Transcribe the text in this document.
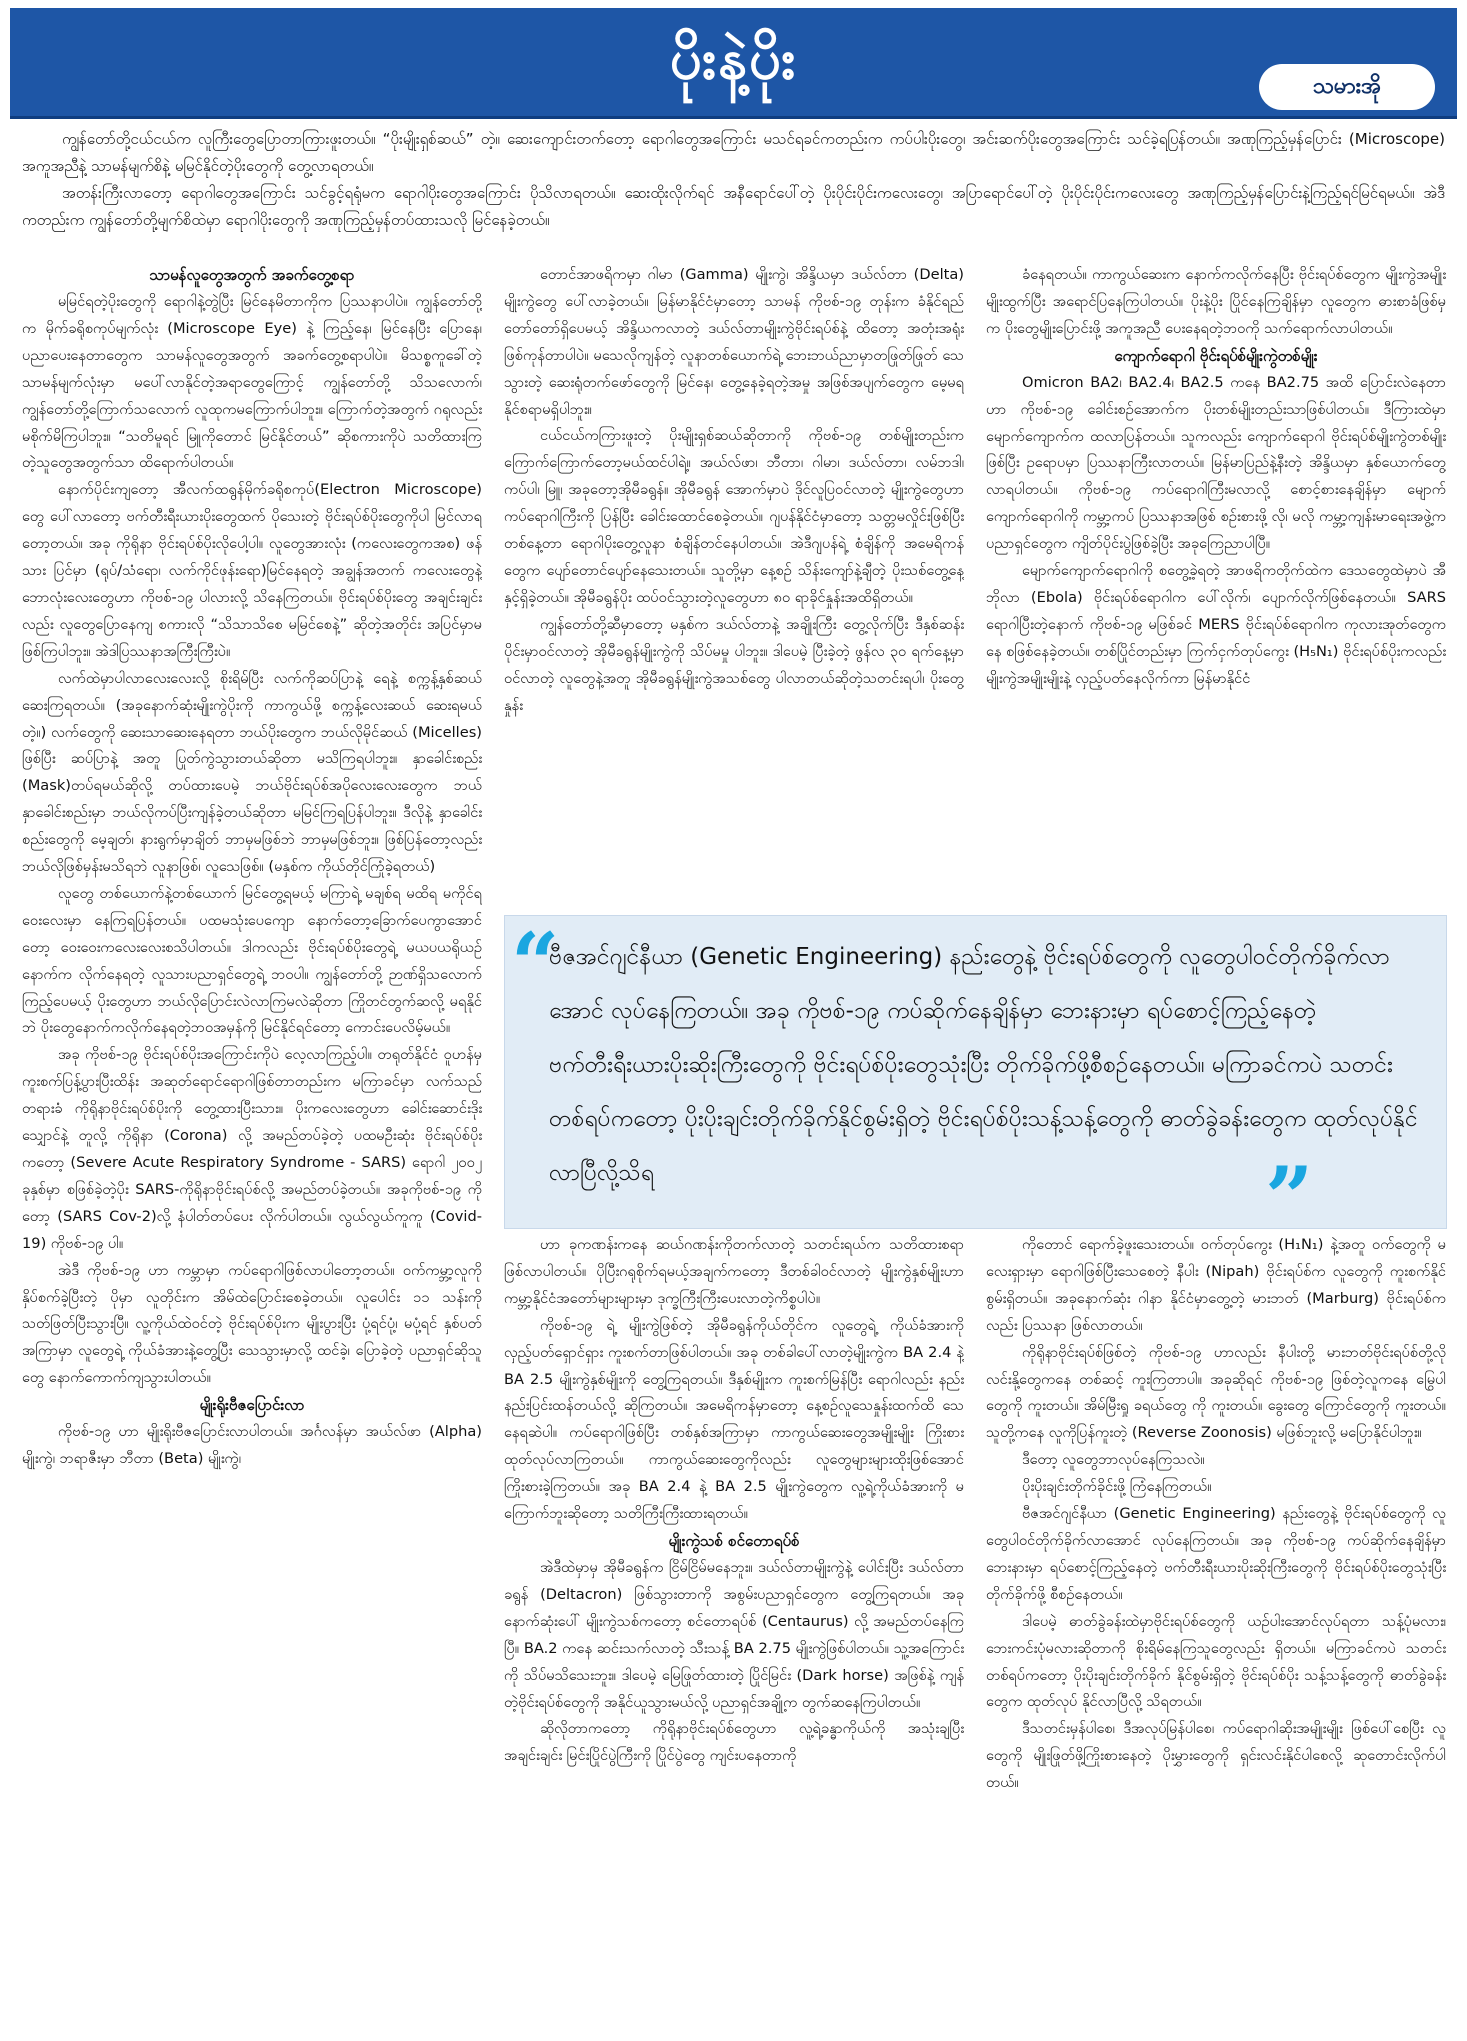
ပိုးနဲ့ပိုး	သမားအို

ကျွန်တော်တို့ငယ်ငယ်က လူကြီးတွေပြောတာကြားဖူးတယ်။ “ပိုးမျိုးရှစ်ဆယ်” တဲ့။ ဆေးကျောင်းတက်တော့ ရောဂါတွေအကြောင်း မသင်ရခင်ကတည်းက ကပ်ပါးပိုးတွေ၊ အင်းဆက်ပိုးတွေအကြောင်း သင်ခဲ့ရပြန်တယ်။ အဏုကြည့်မှန်ပြောင်း (Microscope) အကူအညီနဲ့ သာမန်မျက်စိနဲ့ မမြင်နိုင်တဲ့ပိုးတွေကို တွေ့လာရတယ်။

အတန်းကြီးလာတော့ ရောဂါတွေအကြောင်း သင်ခွင့်ရရုံမက ရောဂါပိုးတွေအကြောင်း ပိုသိလာရတယ်။ ဆေးထိုးလိုက်ရင် အနီရောင်ပေါ်တဲ့ ပိုးပိုင်းပိုင်းကလေးတွေ၊ အပြာရောင်ပေါ်တဲ့ ပိုးပိုင်းပိုင်းကလေးတွေ အဏုကြည့်မှန်ပြောင်းနဲ့ကြည့်ရင်မြင်ရမယ်။ အဲဒီကတည်းက ကျွန်တော်တို့မျက်စိထဲမှာ ရောဂါပိုးတွေကို အဏုကြည့်မှန်တပ်ထားသလို မြင်နေခဲ့တယ်။

သာမန်လူတွေအတွက် အခက်တွေ့စရာ

မမြင်ရတဲ့ပိုးတွေကို ရောဂါနဲ့တွဲပြီး မြင်နေမိတာကိုက ပြဿနာပါပဲ။ ကျွန်တော်တို့က မိုက်ခရိုစကုပ်မျက်လုံး (Microscope Eye) နဲ့ ကြည့်နေ၊ မြင်နေပြီး ပြောနေ၊ ပညာပေးနေတာတွေက သာမန်လူတွေအတွက် အခက်တွေ့စရာပါပဲ။ မိသစ္စကူခေါ်တဲ့ သာမန်မျက်လုံးမှာ မပေါ်လာနိုင်တဲ့အရာတွေကြောင့် ကျွန်တော်တို့ သိသလောက်၊ ကျွန်တော်တို့ကြောက်သလောက် လူထုကမကြောက်ပါဘူး။ ကြောက်တဲ့အတွက် ဂရုလည်းမစိုက်မိကြပါဘူး။ “သတိမူရင် မြူကိုတောင် မြင်နိုင်တယ်” ဆိုစကားကိုပဲ သတိထားကြတဲ့သူတွေအတွက်သာ ထိရောက်ပါတယ်။

နောက်ပိုင်းကျတော့ အီလက်ထရွန်မိုက်ခရိုစကုပ်(Electron Microscope) တွေ ပေါ်လာတော့ ဗက်တီးရီးယားပိုးတွေထက် ပိုသေးတဲ့ ဗိုင်းရပ်စ်ပိုးတွေကိုပါ မြင်လာရတော့တယ်။ အခု ကိုရိုနာ ဗိုင်းရပ်စ်ပိုးလိုပေါ့ပါ။ လူတွေအားလုံး (ကလေးတွေကအစ) ဖန်သား ပြင်မှာ (ရုပ်/သံရော၊ လက်ကိုင်ဖုန်းရော)မြင်နေရတဲ့ အချွန်အတက် ကလေးတွေနဲ့ ဘောလုံးလေးတွေဟာ ကိုဗစ်-၁၉ ပါလားလို့ သိနေကြတယ်။ ဗိုင်းရပ်စ်ပိုးတွေ အချင်းချင်းလည်း လူတွေပြောနေကျ စကားလို “သိသာသိစေ မမြင်စေနဲ့” ဆိုတဲ့အတိုင်း အပြင်မှာမဖြစ်ကြပါဘူး။ အဲဒါပြဿနာအကြီးကြီးပဲ။

လက်ထဲမှာပါလာလေးလေးလို့ စိုးရိမ်ပြီး လက်ကိုဆပ်ပြာနဲ့ ရေနဲ့ စက္ကန့်နှစ်ဆယ် ဆေးကြရတယ်။ (အခုနောက်ဆုံးမျိုးကွဲပိုးကို ကာကွယ်ဖို့ စက္ကန့်လေးဆယ် ဆေးရမယ်တဲ့။) လက်တွေကို ဆေးသာဆေးနေရတာ ဘယ်ပိုးတွေက ဘယ်လိုမိုင်ဆယ် (Micelles) ဖြစ်ပြီး ဆပ်ပြာနဲ့ အတူ ပြုတ်ကွဲသွားတယ်ဆိုတာ မသိကြရပါဘူး။ နှာခေါင်းစည်း (Mask)တပ်ရမယ်ဆိုလို့ တပ်ထားပေမဲ့ ဘယ်ဗိုင်းရပ်စ်အပိုလေးလေးတွေက ဘယ်နှာခေါင်းစည်းမှာ ဘယ်လိုကပ်ပြီးကျန်ခဲ့တယ်ဆိုတာ မမြင်ကြရပြန်ပါဘူး။ ဒီလိုနဲ့ နှာခေါင်းစည်းတွေကို မေ့ချတ်၊ နားရွက်မှာချိတ် ဘာမှမဖြစ်ဘဲ ဘာမှမဖြစ်ဘူး။ ဖြစ်ပြန်တော့လည်း ဘယ်လိုဖြစ်မှန်းမသိရဘဲ လူနာဖြစ်၊ လူသေဖြစ်။ (မနှစ်က ကိုယ်တိုင်ကြုံခဲ့ရတယ်)

လူတွေ တစ်ယောက်နဲ့တစ်ယောက် မြင်တွေ့ရမယ့် မကြာရဲ့ မချစ်ရ မထိရ မကိုင်ရ ဝေးလေးမှာ နေကြရပြန်တယ်။ ပထမသုံးပေကျော နောက်တော့ခြောက်ပေကွာအောင်တော့ ဝေးဝေးကလေးလေးစသိပါတယ်။ ဒါကလည်း ဗိုင်းရပ်စ်ပိုးတွေရဲ့ မယပယရိုယဉ်နောက်က လိုက်နေရတဲ့ လူသားပညာရှင်တွေရဲ့ ဘဝပါ။ ကျွန်တော်တို့ ဉာဏ်ရှိသလောက် ကြည့်ပေမယ့် ပိုးတွေဟာ ဘယ်လိုပြောင်းလဲလာကြမလဲဆိုတာ ကြိုတင်တွက်ဆလို့ မရနိုင်ဘဲ ပိုးတွေနောက်ကလိုက်နေရတဲ့ဘဝအမှန်ကို မြင်နိုင်ရင်တော့ ကောင်းပေလိမ့်မယ်။

အခု ကိုဗစ်-၁၉ ဗိုင်းရပ်စ်ပိုးအကြောင်းကိုပဲ လေ့လာကြည့်ပါ။ တရုတ်နိုင်ငံ ဝူဟန်မှ ကူးစက်ပြန့်ပွားပြီးထိန်း အဆုတ်ရောင်ရောဂါဖြစ်တာတည်းက မကြာခင်မှာ လက်သည်တရားခံ ကိုရိုနာဗိုင်းရပ်စ်ပိုးကို တွေ့ထားပြီးသား။ ပိုးကလေးတွေဟာ ခေါင်းဆောင်းဒိုးသျှောင်နဲ့ တူလို့ ကိုရိုနာ (Corona) လို့ အမည်တပ်ခဲ့တဲ့ ပထမဦးဆုံး ဗိုင်းရပ်စ်ပိုးကတော့ (Severe Acute Respiratory Syndrome - SARS) ရောဂါ ၂၀၀၂ ခုနှစ်မှာ စဖြစ်ခဲ့တဲ့ပိုး SARS-ကိုရိုနာဗိုင်းရပ်စ်လို့ အမည်တပ်ခဲ့တယ်။ အခုကိုဗစ်-၁၉ ကိုတော့ (SARS Cov-2)လို့ နံပါတ်တပ်ပေး လိုက်ပါတယ်။ လွယ်လွယ်ကူကူ (Covid-19) ကိုဗစ်-၁၉ ပါ။

အဲဒီ ကိုဗစ်-၁၉ ဟာ ကမ္ဘာမှာ ကပ်ရောဂါဖြစ်လာပါတော့တယ်။ ဝက်ကမ္ဘာ့လူကို နှိပ်စက်ခဲ့ပြီးတဲ့ ပိုမှာ လူတိုင်းက အိမ်ထဲပြောင်းစေခဲ့တယ်။ လူပေါင်း ၁၁ သန်းကို သတ်ဖြတ်ပြီးသွားပြီ။ လူ့ကိုယ်ထဲဝင်တဲ့ ဗိုင်းရပ်စ်ပိုးက မျိုးပွားပြီး ပုံ့ရင်ပုံ့၊ မပုံ့ရင် နှစ်ပတ်အကြာမှာ လူတွေရဲ့ ကိုယ်ခံအားနဲ့တွေ့ပြီး သေသွားမှာလို့ ထင်ခဲ့၊ ပြောခဲ့တဲ့ ပညာရှင်ဆိုသူတွေ နောက်ကောက်ကျသွားပါတယ်။

မျိုးရိုးဗီဇပြောင်းလာ

ကိုဗစ်-၁၉ ဟာ မျိုးရိုးဗီဇပြောင်းလာပါတယ်။ အင်္ဂလန်မှာ အယ်လ်ဖာ (Alpha) မျိုးကွဲ၊ ဘရာဇီးမှာ ဘီတာ (Beta) မျိုးကွဲ၊

တောင်အာဖရိကမှာ ဂါမာ (Gamma) မျိုးကွဲ၊ အိန္ဒိယမှာ ဒယ်လ်တာ (Delta) မျိုးကွဲတွေ ပေါ်လာခဲ့တယ်။ မြန်မာနိုင်ငံမှာတော့ သာမန် ကိုဗစ်-၁၉ တုန်းက ခံနိုင်ရည်တော်တော်ရှိပေမယ့် အိန္ဒိယကလာတဲ့ ဒယ်လ်တာမျိုးကွဲဗိုင်းရပ်စ်နဲ့ ထိတော့ အတုံးအရုံးဖြစ်ကုန်တာပါပဲ။ မသေလိုကျန်တဲ့ လူနာတစ်ယောက်ရဲ့ ဘေးဘယ်ညာမှာတဖြုတ်ဖြုတ် သေသွားတဲ့ ဆေးရုံတက်ဖော်တွေကို မြင်နေ၊ တွေ့နေခဲ့ရတဲ့အမှု အဖြစ်အပျက်တွေက မေ့မရနိုင်စရာမရှိပါဘူး။

ငယ်ငယ်ကကြားဖူးတဲ့ ပိုးမျိုးရှစ်ဆယ်ဆိုတာကို ကိုဗစ်-၁၉ တစ်မျိုးတည်းက ကြောက်ကြောက်တော့မယ်ထင်ပါရဲ့။ အယ်လ်ဖာ၊ ဘီတာ၊ ဂါမာ၊ ဒယ်လ်တာ၊ လမ်ဘဒါ၊ ကပ်ပါ၊ မြူ၊ အခုတော့အိုမီခရွန်။ အိုမီခရွန် အောက်မှာပဲ ဒိုင်လူပြဝင်လာတဲ့ မျိုးကွဲတွေဟာ ကပ်ရောဂါကြီးကို ပြန်ပြီး ခေါင်းထောင်စေခဲ့တယ်။ ဂျပန်နိုင်ငံမှာတော့ သတ္တမလှိုင်းဖြစ်ပြီး တစ်နေ့တာ ရောဂါပိုးတွေ့လူနာ စံချိန်တင်နေပါတယ်။ အဲဒီဂျပန်ရဲ့ စံချိန်ကို အမေရိကန်တွေက ပျော်တောင်ပျော်နေသေးတယ်။ သူတို့မှာ နေ့စဉ် သိန်းကျော်နဲ့ချီတဲ့ ပိုးသစ်တွေ့နေ့နှင့်ရှိခဲ့တယ်။ အိုမီခရွန်ပိုး ထပ်ဝင်သွားတဲ့လူတွေဟာ ၈၀ ရာခိုင်နှုန်းအထိရှိတယ်။

ကျွန်တော်တို့ဆီမှာတော့ မနှစ်က ဒယ်လ်တာနဲ့ အချိုးကြီး တွေ့လိုက်ပြီး ဒီနှစ်ဆန်းပိုင်းမှာဝင်လာတဲ့ အိုမီခရွန်မျိုးကွဲကို သိပ်မမှု ပါဘူး။ ဒါပေမဲ့ ပြီးခဲ့တဲ့ ဖွန်လ ၃၀ ရက်နေ့မှာ ဝင်လာတဲ့ လူတွေနဲ့အတူ အိုမီခရွန်မျိုးကွဲအသစ်တွေ ပါလာတယ်ဆိုတဲ့သတင်းရပါ၊ ပိုးတွေ့နှုန်း

ခံနေရတယ်။ ကာကွယ်ဆေးက နောက်ကလိုက်နေပြီး ဗိုင်းရပ်စ်တွေက မျိုးကွဲအမျိုးမျိုးထွက်ပြီး အရောင်ပြနေကြပါတယ်။ ပိုးနဲ့ပိုး ပြိုင်နေကြချိန်မှာ လူတွေက ဓားစာခံဖြစ်မှက ပိုးတွေမျိုးပြောင်းဖို့ အကူအညီ ပေးနေရတဲ့ဘဝကို သက်ရောက်လာပါတယ်။

ကျောက်ရောဂါ ဗိုင်းရပ်စ်မျိုးကွဲတစ်မျိုး

Omicron BA2၊ BA2.4၊ BA2.5 ကနေ BA2.75 အထိ ပြောင်းလဲနေတာဟာ ကိုဗစ်-၁၉ ခေါင်းစဉ်အောက်က ပိုးတစ်မျိုးတည်းသာဖြစ်ပါတယ်။ ဒီကြားထဲမှာ မျောက်ကျောက်က ထလာပြန်တယ်။ သူကလည်း ကျောက်ရောဂါ ဗိုင်းရပ်စ်မျိုးကွဲတစ်မျိုးဖြစ်ပြီး ဥရောပမှာ ပြဿနာကြီးလာတယ်။ မြန်မာပြည်နဲ့နီးတဲ့ အိန္ဒိယမှာ နှစ်ယောက်တွေ့လာရပါတယ်။ ကိုဗစ်-၁၉ ကပ်ရောဂါကြီးမလာလို့ စောင့်စားနေချိန်မှာ မျောက်ကျောက်ရောဂါကို ကမ္ဘာ့ကပ် ပြဿနာအဖြစ် စဉ်းစားဖို့ လို၊ မလို ကမ္ဘာ့ကျန်းမာရေးအဖွဲ့က ပညာရှင်တွေက ကျိတ်ပိုင်းပွဲဖြစ်ခဲ့ပြီး အခုကြေညာပါပြီ။

မျောက်ကျောက်ရောဂါကို စတွေ့ခဲ့ရတဲ့ အာဖရိကတိုက်ထဲက ဒေသတွေထဲမှာပဲ အီဘိုလာ (Ebola) ဗိုင်းရပ်စ်ရောဂါက ပေါ်လိုက်၊ ပျောက်လိုက်ဖြစ်နေတယ်။ SARS ရောဂါပြီးတဲ့နောက် ကိုဗစ်-၁၉ မဖြစ်ခင် MERS ဗိုင်းရပ်စ်ရောဂါက ကုလားအုတ်တွေကနေ စဖြစ်နေခဲ့တယ်။ တစ်ပြိုင်တည်းမှာ ကြက်ငှက်တုပ်ကွေး (H₅N₁) ဗိုင်းရပ်စ်ပိုးကလည်း မျိုးကွဲအမျိုးမျိုးနဲ့ လှည့်ပတ်နေလိုက်ကာ မြန်မာနိုင်ငံ

“
ဗီဇအင်ဂျင်နီယာ (Genetic Engineering) နည်းတွေနဲ့ ဗိုင်းရပ်စ်တွေကို လူတွေပါဝင်တိုက်ခိုက်လာအောင် လုပ်နေကြတယ်။ အခု ကိုဗစ်-၁၉ ကပ်ဆိုက်နေချိန်မှာ ဘေးနားမှာ ရပ်စောင့်ကြည့်နေတဲ့ ဗက်တီးရီးယားပိုးဆိုးကြီးတွေကို ဗိုင်းရပ်စ်ပိုးတွေသုံးပြီး တိုက်ခိုက်ဖို့စီစဉ်နေတယ်။ မကြာခင်ကပဲ သတင်းတစ်ရပ်ကတော့ ပိုးပိုးချင်းတိုက်ခိုက်နိုင်စွမ်းရှိတဲ့ ဗိုင်းရပ်စ်ပိုးသန့်သန့်တွေကို ဓာတ်ခွဲခန်းတွေက ထုတ်လုပ်နိုင်လာပြီလို့သိရ	”

ဟာ ခုကဏန်းကနေ ဆယ်ဂဏန်းကိုတက်လာတဲ့ သတင်းရယ်က သတိထားစရာဖြစ်လာပါတယ်။ ပိုပြီးဂရုစိုက်ရမယ့်အချက်ကတော့ ဒီတစ်ခါဝင်လာတဲ့ မျိုးကွဲနှစ်မျိုးဟာ ကမ္ဘာ့နိုင်ငံအတော်များများမှာ ဒုက္ခကြီးကြီးပေးလာတဲ့ကိစ္စပါပဲ။

ကိုဗစ်-၁၉ ရဲ့ မျိုးကွဲဖြစ်တဲ့ အိုမီခရွန်ကိုယ်တိုင်က လူတွေရဲ့ ကိုယ်ခံအားကို လှည့်ပတ်ရှောင်ရှား ကူးစက်တာဖြစ်ပါတယ်။ အခု တစ်ခါပေါ်လာတဲ့မျိုးကွဲက BA 2.4 နဲ့ BA 2.5 မျိုးကွဲနှစ်မျိုးကို တွေ့ကြရတယ်။ ဒီနှစ်မျိုးက ကူးစက်မြန်ပြီး ရောဂါလည်း နည်းနည်းပြင်းထန်တယ်လို့ ဆိုကြတယ်။ အမေရိကန်မှာတော့ နေ့စဉ်လူသေနှုန်းထက်ထိ သေနေရဆဲပါ။ ကပ်ရောဂါဖြစ်ပြီး တစ်နှစ်အကြာမှာ ကာကွယ်ဆေးတွေအမျိုးမျိုး ကြိုးစားထုတ်လုပ်လာကြတယ်။ ကာကွယ်ဆေးတွေကိုလည်း လူတွေများများထိုးဖြစ်အောင် ကြိုးစားခဲ့ကြတယ်။ အခု BA 2.4 နဲ့ BA 2.5 မျိုးကွဲတွေက လူ့ရဲ့ကိုယ်ခံအားကို မကြောက်ဘူးဆိုတော့ သတိကြီးကြီးထားရတယ်။

မျိုးကွဲသစ် စင်တောရပ်စ်

အဲဒီထဲမှာမှ အိုမီခရွန်က ငြိမ်ငြိမ်မနေဘူး။ ဒယ်လ်တာမျိုးကွဲနဲ့ ပေါင်းပြီး ဒယ်လ်တာခရွန် (Deltacron) ဖြစ်သွားတာကို အစွမ်းပညာရှင်တွေက တွေ့ကြရတယ်။ အခုနောက်ဆုံးပေါ် မျိုးကွဲသစ်ကတော့ စင်တောရပ်စ် (Centaurus) လို့ အမည်တပ်နေကြပြီ။ BA.2 ကနေ ဆင်းသက်လာတဲ့ သီးသန့် BA 2.75 မျိုးကွဲဖြစ်ပါတယ်။ သူ့အကြောင်းကို သိပ်မသိသေးဘူး။ ဒါပေမဲ့ မြေဖြုတ်ထားတဲ့ ပြိုင်မြင်း (Dark horse) အဖြစ်နဲ့ ကျန်တဲ့ဗိုင်းရပ်စ်တွေကို အနိုင်ယူသွားမယ်လို့ ပညာရှင်အချို့က တွက်ဆနေကြပါတယ်။

ဆိုလိုတာကတော့ ကိုရိုနာဗိုင်းရပ်စ်တွေဟာ လူ့ရဲ့ခန္ဓာကိုယ်ကို အသုံးချပြီး အချင်းချင်း မြင်းပြိုင်ပွဲကြီးကို ပြိုင်ပွဲတွေ ကျင်းပနေတာကို

ကိုတောင် ရောက်ခဲ့ဖူးသေးတယ်။ ဝက်တုပ်ကွေး (H₁N₁) နဲ့အတူ ဝက်တွေကို မလေးရှားမှာ ရောဂါဖြစ်ပြီးသေစေတဲ့ နီပါး (Nipah) ဗိုင်းရပ်စ်က လူတွေကို ကူးစက်နိုင်စွမ်းရှိတယ်။ အခုနောက်ဆုံး ဂါနာ နိုင်ငံမှာတွေ့တဲ့ မားဘတ် (Marburg) ဗိုင်းရပ်စ်ကလည်း ပြဿနာ ဖြစ်လာတယ်။

ကိုရိုနာဗိုင်းရပ်စ်ဖြစ်တဲ့ ကိုဗစ်-၁၉ ဟာလည်း နီပါးတို့ မားဘတ်ဗိုင်းရပ်စ်တို့လို လင်းနို့တွေကနေ တစ်ဆင့် ကူးကြတာပါ။ အခုဆိုရင် ကိုဗစ်-၁၉ ဖြစ်တဲ့လူကနေ မြွေပါတွေကို ကူးတယ်။ အိမ်မြီးရှု ခရယ်တွေ ကို ကူးတယ်။ ခွေးတွေ ကြောင်တွေကို ကူးတယ်။ သူတို့ကနေ လူကိုပြန်ကူးတဲ့ (Reverse Zoonosis) မဖြစ်ဘူးလို့ မပြောနိုင်ပါဘူး။

ဒီတော့ လူတွေဘာလုပ်နေကြသလဲ။

ပိုးပိုးချင်းတိုက်ခိုင်းဖို့ ကြံနေကြတယ်။

ဗီဇအင်ဂျင်နီယာ (Genetic Engineering) နည်းတွေနဲ့ ဗိုင်းရပ်စ်တွေကို လူတွေပါဝင်တိုက်ခိုက်လာအောင် လုပ်နေကြတယ်။ အခု ကိုဗစ်-၁၉ ကပ်ဆိုက်နေချိန်မှာ ဘေးနားမှာ ရပ်စောင့်ကြည့်နေတဲ့ ဗက်တီးရီးယားပိုးဆိုးကြီးတွေကို ဗိုင်းရပ်စ်ပိုးတွေသုံးပြီး တိုက်ခိုက်ဖို့ စီစဉ်နေတယ်။

ဒါပေမဲ့ ဓာတ်ခွဲခန်းထဲမှာဗိုင်းရပ်စ်တွေကို ယဉ်ပါးအောင်လုပ်ရတာ သန့်ပုံမလား၊ ဘေးကင်းပုံမလားဆိုတာကို စိုးရိမ်နေကြသူတွေလည်း ရှိတယ်။ မကြာခင်ကပဲ သတင်းတစ်ရပ်ကတော့ ပိုးပိုးချင်းတိုက်ခိုက် နိုင်စွမ်းရှိတဲ့ ဗိုင်းရပ်စ်ပိုး သန့်သန့်တွေကို ဓာတ်ခွဲခန်းတွေက ထုတ်လုပ် နိုင်လာပြီလို့ သိရတယ်။

ဒီသတင်းမှန်ပါစေ၊ ဒီအလုပ်မြန်ပါစေ၊ ကပ်ရောဂါဆိုးအမျိုးမျိုး ဖြစ်ပေါ်စေပြီး လူတွေကို မျိုးဖြုတ်ဖို့ကြိုးစားနေတဲ့ ပိုးမွှားတွေကို ရှင်းလင်းနိုင်ပါစေလို့ ဆုတောင်းလိုက်ပါတယ်။
